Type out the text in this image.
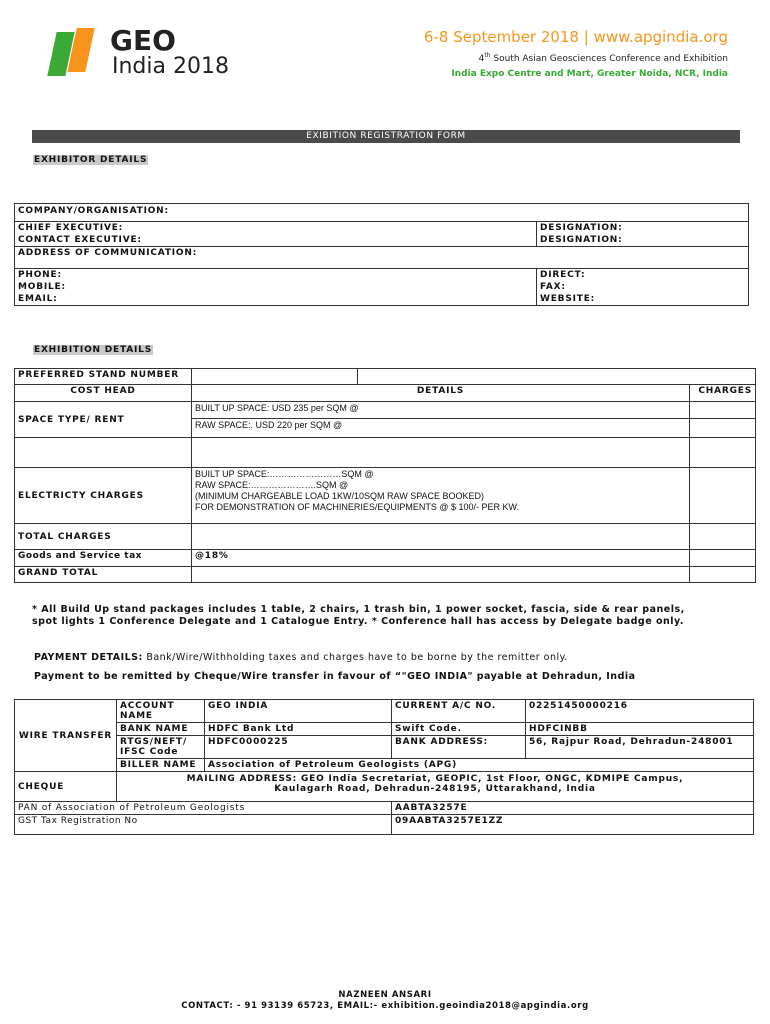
GEO
India 2018
6-8 September 2018 | www.apgindia.org
4th South Asian Geosciences Conference and Exhibition
India Expo Centre and Mart, Greater Noida, NCR, India
EXIBITION REGISTRATION FORM
EXHIBITOR DETAILS
COMPANY/ORGANISATION:	
CHIEF EXECUTIVE:	DESIGNATION:
CONTACT EXECUTIVE:	DESIGNATION:
ADDRESS OF COMMUNICATION:	
PHONE:	DIRECT:
MOBILE:	FAX:
EMAIL:	WEBSITE:
EXHIBITION DETAILS
PREFERRED STAND NUMBER			
COST HEAD	DETAILS		CHARGES
SPACE TYPE/ RENT	BUILT UP SPACE: USD 235 per SQM @		
	RAW SPACE:. USD 220 per SQM @		

ELECTRICTY CHARGES	BUILT UP SPACE:……………………SQM @
RAW SPACE:………………….SQM @
(MINIMUM CHARGEABLE LOAD 1KW/10SQM RAW SPACE BOOKED)
FOR DEMONSTRATION OF MACHINERIES/EQUIPMENTS @ $ 100/- PER KW.		

TOTAL CHARGES			
Goods and Service tax	@18%		
GRAND TOTAL			
* All Build Up stand packages includes 1 table, 2 chairs, 1 trash bin, 1 power socket, fascia, side & rear panels, spot lights 1 Conference Delegate and 1 Catalogue Entry. * Conference hall has access by Delegate badge only.
PAYMENT DETAILS: Bank/Wire/Withholding taxes and charges have to be borne by the remitter only.
Payment to be remitted by Cheque/Wire transfer in favour of “"GEO INDIA" payable at Dehradun, India
WIRE TRANSFER	ACCOUNT NAME	GEO INDIA	CURRENT A/C NO.	02251450000216
	BANK NAME	HDFC Bank Ltd	Swift Code.	HDFCINBB
	RTGS/NEFT/ IFSC Code	HDFC0000225	BANK ADDRESS:	56, Rajpur Road, Dehradun-248001
	BILLER NAME	Association of Petroleum Geologists (APG)		
CHEQUE	MAILING ADDRESS: GEO India Secretariat, GEOPIC, 1st Floor, ONGC, KDMIPE Campus, Kaulagarh Road, Dehradun-248195, Uttarakhand, India			
PAN of Association of Petroleum Geologists			AABTA3257E	
GST Tax Registration No			09AABTA3257E1ZZ	
NAZNEEN ANSARI
CONTACT: - 91 93139 65723, EMAIL:- exhibition.geoindia2018@apgindia.org
